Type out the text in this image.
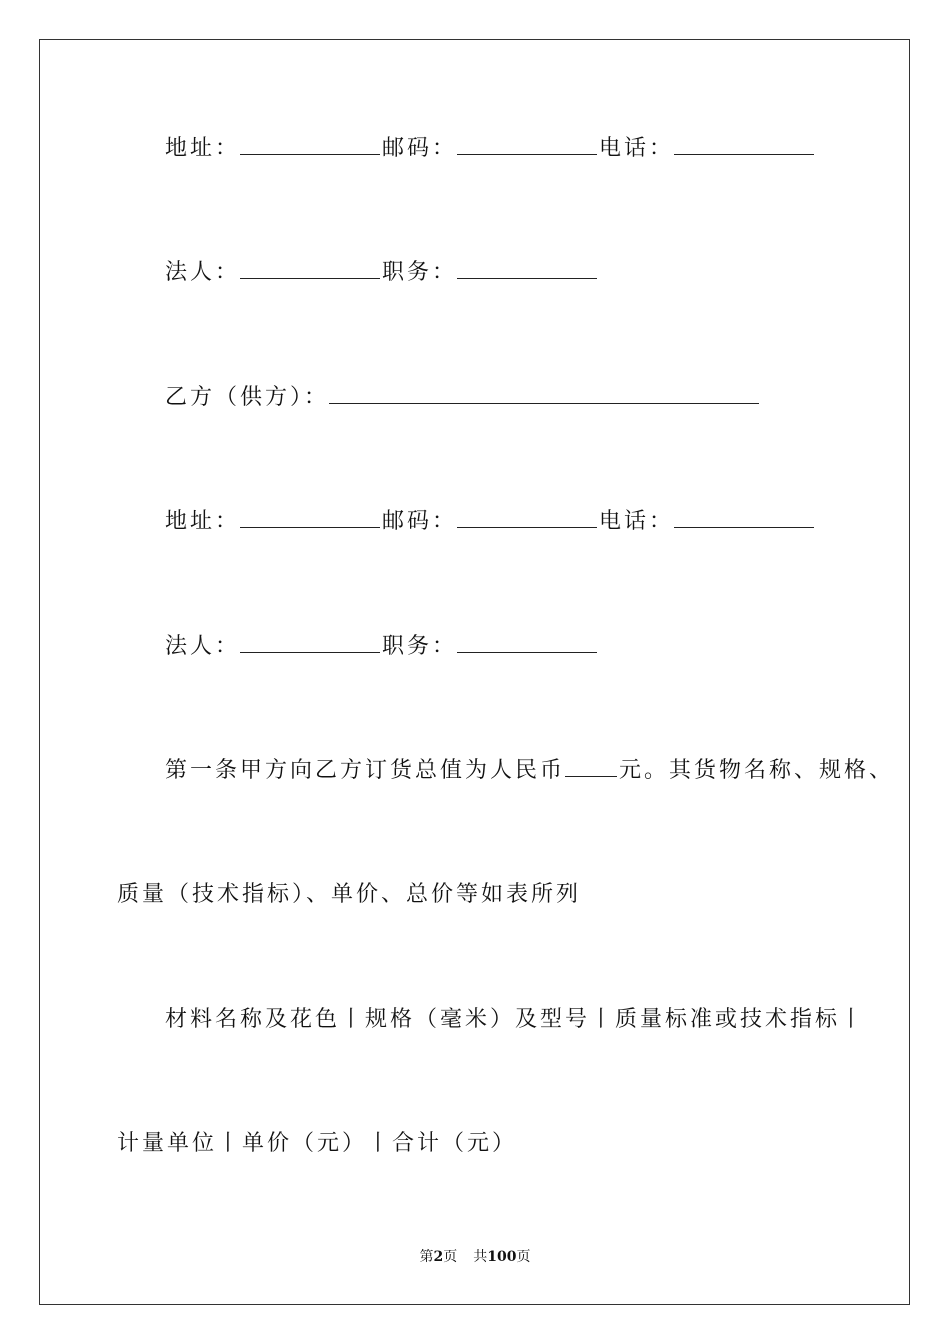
地址：	邮码：	电话：
法人：	职务：
乙方（供方）：
地址：	邮码：	电话：
法人：	职务：
第一条甲方向乙方订货总值为人民币 元。其货物名称、规格、
质量（技术指标）、单价、总价等如表所列
材料名称及花色丨规格（毫米）及型号丨质量标准或技术指标丨
计量单位丨单价（元）丨合计（元）
第2页 共100页
